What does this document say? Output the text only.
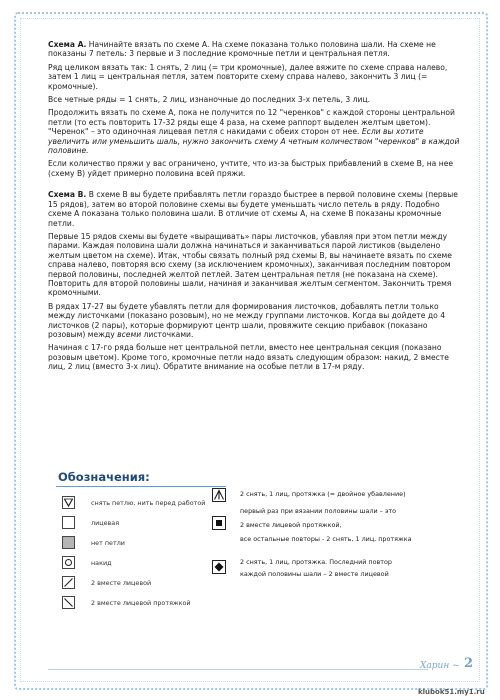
Схема А. Начинайте вязать по схеме А. На схеме показана только половина шали. На схеме не показаны 7 петель: 3 первые и 3 последние кромочные петли и центральная петля.

Ряд целиком вязать так: 1 снять, 2 лиц (= три кромочные), далее вяжите по схеме справа налево, затем 1 лиц = центральная петля, затем повторите схему справа налево, закончить 3 лиц (= кромочные).

Все четные ряды = 1 снять, 2 лиц, изнаночные до последних 3-х петель, 3 лиц.

Продолжить вязать по схеме А, пока не получится по 12 "черенков" с каждой стороны центральной петли (то есть повторить 17-32 ряды еще 4 раза, на схеме раппорт выделен желтым цветом). "Черенок" – это одиночная лицевая петля с накидами с обеих сторон от нее. Если вы хотите увеличить или уменьшить шаль, нужно закончить схему А четным количеством "черенков" в каждой половине.

Если количество пряжи у вас ограничено, учтите, что из-за быстрых прибавлений в схеме В, на нее (схему В) уйдет примерно половина всей пряжи.

Схема В. В схеме В вы будете прибавлять петли гораздо быстрее в первой половине схемы (первые 15 рядов), затем во второй половине схемы вы будете уменьшать число петель в ряду. Подобно схеме А показана только половина шали. В отличие от схемы А, на схеме В показаны кромочные петли.

Первые 15 рядов схемы вы будете «выращивать» пары листочков, убавляя при этом петли между парами. Каждая половина шали должна начинаться и заканчиваться парой листиков (выделено желтым цветом на схеме). Итак, чтобы связать полный ряд схемы В, вы начинаете вязать по схеме справа налево, повторяя всю схему (за исключением кромочных), заканчивая последним повтором первой половины, последней желтой петлей. Затем центральная петля (не показана на схеме). Повторить для второй половины шали, начиная и заканчивая желтым сегментом. Закончить тремя кромочными.

В рядах 17-27 вы будете убавлять петли для формирования листочков, добавлять петли только между листочками (показано розовым), но не между группами листочков. Когда вы дойдете до 4 листочков (2 пары), которые формируют центр шали, провяжите секцию прибавок (показано розовым) между всеми листочками.

Начиная с 17-го ряда больше нет центральной петли, вместо нее центральная секция (показано розовым цветом). Кроме того, кромочные петли надо вязать следующим образом: накид, 2 вместе лиц, 2 лиц (вместо 3-х лиц). Обратите внимание на особые петли в 17-м ряду.

Обозначения:
снять петлю, нить перед работой
лицевая
нет петли
накид
2 вместе лицевой
2 вместе лицевой протяжкой
2 снять, 1 лиц, протяжка (= двойное убавление)
первый раз при вязании половины шали – это
2 вместе лицевой протяжкой,
все остальные повторы - 2 снять, 1 лиц, протяжка
2 снять, 1 лиц, протяжка. Последний повтор
каждой половины шали – 2 вместе лицевой
Харин ~ 2
klubok51.my1.ru
